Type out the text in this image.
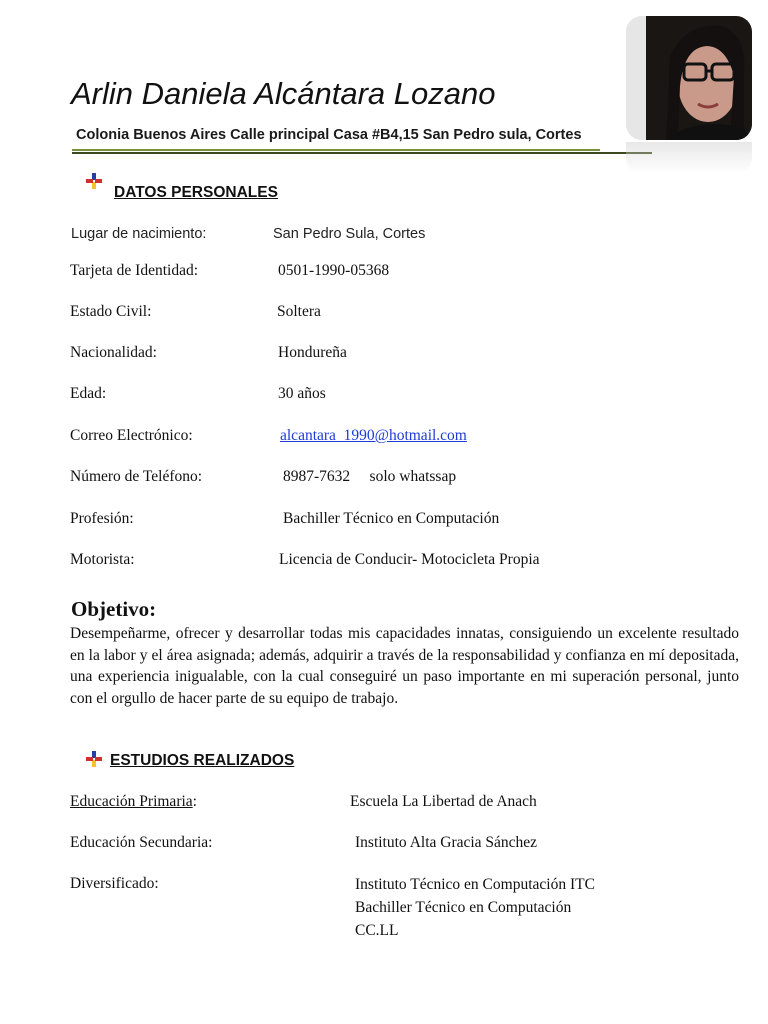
Arlin Daniela Alcántara Lozano
Colonia Buenos Aires Calle principal Casa #B4,15 San Pedro sula, Cortes
DATOS PERSONALES
Lugar de nacimiento:	San Pedro Sula, Cortes
Tarjeta de Identidad:	0501-1990-05368
Estado Civil:	Soltera
Nacionalidad:	Hondureña
Edad:	30 años
Correo Electrónico:	alcantara_1990@hotmail.com
Número de Teléfono:	8987-7632     solo whatssap
Profesión:	Bachiller Técnico en Computación
Motorista:	Licencia de Conducir- Motocicleta Propia
Objetivo:
Desempeñarme, ofrecer y desarrollar todas mis capacidades innatas, consiguiendo un excelente resultado en la labor y el área asignada; además, adquirir a través de la responsabilidad y confianza en mí depositada, una experiencia inigualable, con la cual conseguiré un paso importante en mi superación personal, junto con el orgullo de hacer parte de su equipo de trabajo.
ESTUDIOS REALIZADOS
Educación Primaria:	Escuela La Libertad de Anach
Educación Secundaria:	Instituto Alta Gracia Sánchez
Diversificado:	Instituto Técnico en Computación ITC
Bachiller Técnico en Computación
CC.LL
